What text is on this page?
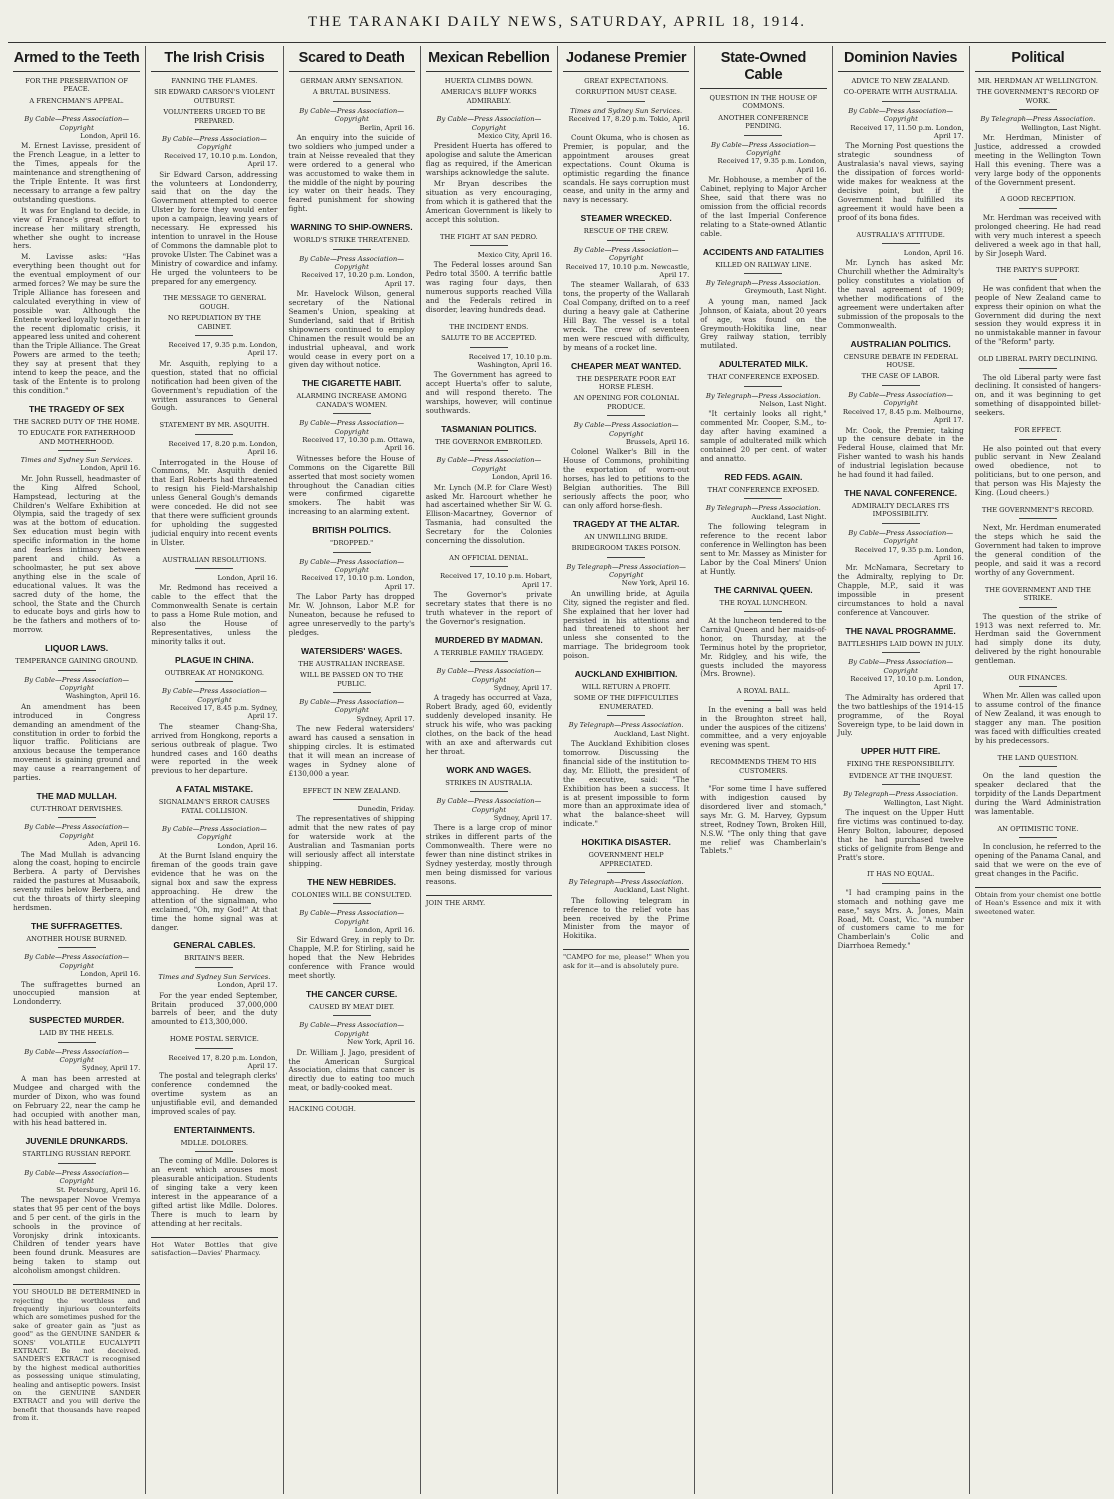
THE TARANAKI DAILY NEWS, SATURDAY, APRIL 18, 1914.
Armed to the Teeth
FOR THE PRESERVATION OF PEACE.
A FRENCHMAN'S APPEAL.
By Cable—Press Association—Copyright
London, April 16.

M. Ernest Lavisse, president of the French League, in a letter to the Times, appeals for the maintenance and strengthening of the Triple Entente. It was first necessary to arrange a few paltry outstanding questions.

It was for England to decide, in view of France's great effort to increase her military strength, whether she ought to increase hers.

M. Lavisse asks: "Has everything been thought out for the eventual employment of our armed forces? We may be sure the Triple Alliance has foreseen and calculated everything in view of possible war. Although the Entente worked loyally together in the recent diplomatic crisis, it appeared less united and coherent than the Triple Alliance. The Great Powers are armed to the teeth; they say at present that they intend to keep the peace, and the task of the Entente is to prolong this condition."

THE TRAGEDY OF SEX
THE SACRED DUTY OF THE HOME.
TO EDUCATE FOR FATHERHOOD AND MOTHERHOOD.
Times and Sydney Sun Services.
London, April 16.

Mr. John Russell, headmaster of the King Alfred School, Hampstead, lecturing at the Children's Welfare Exhibition at Olympia, said the tragedy of sex was at the bottom of education. Sex education must begin with specific information in the home and fearless intimacy between parent and child. As a schoolmaster, he put sex above anything else in the scale of educational values. It was the sacred duty of the home, the school, the State and the Church to educate boys and girls how to be the fathers and mothers of to-morrow.

LIQUOR LAWS.
TEMPERANCE GAINING GROUND.
By Cable—Press Association—Copyright
Washington, April 16.

An amendment has been introduced in Congress demanding an amendment of the constitution in order to forbid the liquor traffic. Politicians are anxious because the temperance movement is gaining ground and may cause a rearrangement of parties.

THE MAD MULLAH.
CUT-THROAT DERVISHES.
By Cable—Press Association—Copyright
Aden, April 16.

The Mad Mullah is advancing along the coast, hoping to encircle Berbera. A party of Dervishes raided the pastures at Musaaboik, seventy miles below Berbera, and cut the throats of thirty sleeping herdsmen.

THE SUFFRAGETTES.
ANOTHER HOUSE BURNED.
By Cable—Press Association—Copyright
London, April 16.

The suffragettes burned an unoccupied mansion at Londonderry.

SUSPECTED MURDER.
LAID BY THE HEELS.
By Cable—Press Association—Copyright
Sydney, April 17.

A man has been arrested at Mudgee and charged with the murder of Dixon, who was found on February 22, near the camp he had occupied with another man, with his head battered in.

JUVENILE DRUNKARDS.
STARTLING RUSSIAN REPORT.
By Cable—Press Association—Copyright
St. Petersburg, April 16.

The newspaper Novoe Vremya states that 95 per cent of the boys and 5 per cent. of the girls in the schools in the province of Voronjsky drink intoxicants. Children of tender years have been found drunk. Measures are being taken to stamp out alcoholism amongst children.

YOU SHOULD BE DETERMINED in rejecting the worthless and frequently injurious counterfeits which are sometimes pushed for the sake of greater gain as "just as good" as the GENUINE SANDER & SONS' VOLATILE EUCALYPTI EXTRACT. Be not deceived. SANDER'S EXTRACT is recognised by the highest medical authorities as possessing unique stimulating, healing and antiseptic powers. Insist on the GENUINE SANDER EXTRACT and you will derive the benefit that thousands have reaped from it.
The Irish Crisis
FANNING THE FLAMES.
SIR EDWARD CARSON'S VIOLENT OUTBURST.
VOLUNTEERS URGED TO BE PREPARED.
By Cable—Press Association—Copyright
Received 17, 10.10 p.m. London, April 17.

Sir Edward Carson, addressing the volunteers at Londonderry, said that on the day the Government attempted to coerce Ulster by force they would enter upon a campaign, leaving years of necessary. He expressed his intention to unravel in the House of Commons the damnable plot to provoke Ulster. The Cabinet was a Ministry of cowardice and infamy. He urged the volunteers to be prepared for any emergency.

THE MESSAGE TO GENERAL GOUGH.
NO REPUDIATION BY THE CABINET.
Received 17, 9.35 p.m. London, April 17.

Mr. Asquith, replying to a question, stated that no official notification had been given of the Government's repudiation of the written assurances to General Gough.

STATEMENT BY MR. ASQUITH.
Received 17, 8.20 p.m. London, April 16.

Interrogated in the House of Commons, Mr. Asquith denied that Earl Roberts had threatened to resign his Field-Marshalship unless General Gough's demands were conceded. He did not see that there were sufficient grounds for upholding the suggested judicial enquiry into recent events in Ulster.

AUSTRALIAN RESOLUTIONS.
London, April 16.

Mr. Redmond has received a cable to the effect that the Commonwealth Senate is certain to pass a Home Rule motion, and also the House of Representatives, unless the minority talks it out.

PLAGUE IN CHINA.
OUTBREAK AT HONGKONG.
By Cable—Press Association—Copyright
Received 17, 8.45 p.m. Sydney, April 17.

The steamer Chang-Sha, arrived from Hongkong, reports a serious outbreak of plague. Two hundred cases and 160 deaths were reported in the week previous to her departure.

A FATAL MISTAKE.
SIGNALMAN'S ERROR CAUSES FATAL COLLISION.
By Cable—Press Association—Copyright
London, April 16.

At the Burnt Island enquiry the fireman of the goods train gave evidence that he was on the signal box and saw the express approaching. He drew the attention of the signalman, who exclaimed, "Oh, my God!" At that time the home signal was at danger.

GENERAL CABLES.
BRITAIN'S BEER.
Times and Sydney Sun Services.
London, April 17.

For the year ended September, Britain produced 37,000,000 barrels of beer, and the duty amounted to £13,300,000.

HOME POSTAL SERVICE.
Received 17, 8.20 p.m. London, April 17.

The postal and telegraph clerks' conference condemned the overtime system as an unjustifiable evil, and demanded improved scales of pay.

ENTERTAINMENTS.
MDLLE. DOLORES.

The coming of Mdlle. Dolores is an event which arouses most pleasurable anticipation. Students of singing take a very keen interest in the appearance of a gifted artist like Mdlle. Dolores. There is much to learn by attending at her recitals.

Hot Water Bottles that give satisfaction—Davies' Pharmacy.
Scared to Death
GERMAN ARMY SENSATION.
A BRUTAL BUSINESS.
By Cable—Press Association—Copyright
Berlin, April 16.

An enquiry into the suicide of two soldiers who jumped under a train at Neisse revealed that they were ordered to a general who was accustomed to wake them in the middle of the night by pouring icy water on their heads. They feared punishment for showing fight.

WARNING TO SHIP-OWNERS.
WORLD'S STRIKE THREATENED.
By Cable—Press Association—Copyright
Received 17, 10.20 p.m. London, April 17.

Mr. Havelock Wilson, general secretary of the National Seamen's Union, speaking at Sunderland, said that if British shipowners continued to employ Chinamen the result would be an industrial upheaval, and work would cease in every port on a given day without notice.

THE CIGARETTE HABIT.
ALARMING INCREASE AMONG CANADA'S WOMEN.
By Cable—Press Association—Copyright
Received 17, 10.30 p.m. Ottawa, April 16.

Witnesses before the House of Commons on the Cigarette Bill asserted that most society women throughout the Canadian cities were confirmed cigarette smokers. The habit was increasing to an alarming extent.

BRITISH POLITICS.
"DROPPED."
By Cable—Press Association—Copyright
Received 17, 10.10 p.m. London, April 17.

The Labor Party has dropped Mr. W. Johnson, Labor M.P. for Nuneaton, because he refused to agree unreservedly to the party's pledges.

WATERSIDERS' WAGES.
THE AUSTRALIAN INCREASE.
WILL BE PASSED ON TO THE PUBLIC.
By Cable—Press Association—Copyright
Sydney, April 17.

The new Federal watersiders' award has caused a sensation in shipping circles. It is estimated that it will mean an increase of wages in Sydney alone of £130,000 a year.

EFFECT IN NEW ZEALAND.
Dunedin, Friday.

The representatives of shipping admit that the new rates of pay for waterside work at the Australian and Tasmanian ports will seriously affect all interstate shipping.

THE NEW HEBRIDES.
COLONIES WILL BE CONSULTED.
By Cable—Press Association—Copyright
London, April 16.

Sir Edward Grey, in reply to Dr. Chapple, M.P. for Stirling, said he hoped that the New Hebrides conference with France would meet shortly.

THE CANCER CURSE.
CAUSED BY MEAT DIET.
By Cable—Press Association—Copyright
New York, April 16.

Dr. William J. Jago, president of the American Surgical Association, claims that cancer is directly due to eating too much meat, or badly-cooked meat.

HACKING COUGH.
Mexican Rebellion
HUERTA CLIMBS DOWN.
AMERICA'S BLUFF WORKS ADMIRABLY.
By Cable—Press Association—Copyright
Mexico City, April 16.

President Huerta has offered to apologise and salute the American flag as required, if the American warships acknowledge the salute.

Mr Bryan describes the situation as very encouraging, from which it is gathered that the American Government is likely to accept this solution.

THE FIGHT AT SAN PEDRO.
Mexico City, April 16.

The Federal losses around San Pedro total 3500. A terrific battle was raging four days, then numerous supports reached Villa and the Federals retired in disorder, leaving hundreds dead.

THE INCIDENT ENDS.
SALUTE TO BE ACCEPTED.
Received 17, 10.10 p.m. Washington, April 16.

The Government has agreed to accept Huerta's offer to salute, and will respond thereto. The warships, however, will continue southwards.

TASMANIAN POLITICS.
THE GOVERNOR EMBROILED.
By Cable—Press Association—Copyright
London, April 16.

Mr. Lynch (M.P. for Clare West) asked Mr. Harcourt whether he had ascertained whether Sir W. G. Ellison-Macartney, Governor of Tasmania, had consulted the Secretary for the Colonies concerning the dissolution.

AN OFFICIAL DENIAL.
Received 17, 10.10 p.m. Hobart, April 17.

The Governor's private secretary states that there is no truth whatever in the report of the Governor's resignation.

MURDERED BY MADMAN.
A TERRIBLE FAMILY TRAGEDY.
By Cable—Press Association—Copyright
Sydney, April 17.

A tragedy has occurred at Vaza, Robert Brady, aged 60, evidently suddenly developed insanity. He struck his wife, who was packing clothes, on the back of the head with an axe and afterwards cut her throat.

WORK AND WAGES.
STRIKES IN AUSTRALIA.
By Cable—Press Association—Copyright
Sydney, April 17.

There is a large crop of minor strikes in different parts of the Commonwealth. There were no fewer than nine distinct strikes in Sydney yesterday, mostly through men being dismissed for various reasons.

JOIN THE ARMY.
Jodanese Premier
GREAT EXPECTATIONS.
CORRUPTION MUST CEASE.
Times and Sydney Sun Services.
Received 17, 8.20 p.m. Tokio, April 16.

Count Okuma, who is chosen as Premier, is popular, and the appointment arouses great expectations. Count Okuma is optimistic regarding the finance scandals. He says corruption must cease, and unity in the army and navy is necessary.

STEAMER WRECKED.
RESCUE OF THE CREW.
By Cable—Press Association—Copyright
Received 17, 10.10 p.m. Newcastle, April 17.

The steamer Wallarah, of 633 tons, the property of the Wallarah Coal Company, drifted on to a reef during a heavy gale at Catherine Hill Bay. The vessel is a total wreck. The crew of seventeen men were rescued with difficulty, by means of a rocket line.

CHEAPER MEAT WANTED.
THE DESPERATE POOR EAT HORSE FLESH.
AN OPENING FOR COLONIAL PRODUCE.
By Cable—Press Association—Copyright
Brussels, April 16.

Colonel Walker's Bill in the House of Commons, prohibiting the exportation of worn-out horses, has led to petitions to the Belgian authorities. The Bill seriously affects the poor, who can only afford horse-flesh.

TRAGEDY AT THE ALTAR.
AN UNWILLING BRIDE.
BRIDEGROOM TAKES POISON.
By Telegraph—Press Association—Copyright
New York, April 16.

An unwilling bride, at Aguila City, signed the register and fled. She explained that her lover had persisted in his attentions and had threatened to shoot her unless she consented to the marriage. The bridegroom took poison.

AUCKLAND EXHIBITION.
WILL RETURN A PROFIT.
SOME OF THE DIFFICULTIES ENUMERATED.
By Telegraph—Press Association.
Auckland, Last Night.

The Auckland Exhibition closes tomorrow. Discussing the financial side of the institution to-day, Mr. Elliott, the president of the executive, said: "The Exhibition has been a success. It is at present impossible to form more than an approximate idea of what the balance-sheet will indicate."

HOKITIKA DISASTER.
GOVERNMENT HELP APPRECIATED.
By Telegraph—Press Association.
Auckland, Last Night.

The following telegram in reference to the relief vote has been received by the Prime Minister from the mayor of Hokitika.

"CAMPO for me, please!" When you ask for it—and is absolutely pure.
State-Owned Cable
QUESTION IN THE HOUSE OF COMMONS.
ANOTHER CONFERENCE PENDING.
By Cable—Press Association—Copyright
Received 17, 9.35 p.m. London, April 16.

Mr. Hobhouse, a member of the Cabinet, replying to Major Archer Shee, said that there was no omission from the official records of the last Imperial Conference relating to a State-owned Atlantic cable.

ACCIDENTS AND FATALITIES
KILLED ON RAILWAY LINE.
By Telegraph—Press Association.
Greymouth, Last Night.

A young man, named Jack Johnson, of Kaiata, about 20 years of age, was found on the Greymouth-Hokitika line, near Grey railway station, terribly mutilated.

ADULTERATED MILK.
THAT CONFERENCE EXPOSED.
By Telegraph—Press Association.
Nelson, Last Night.

"It certainly looks all right," commented Mr. Cooper, S.M., to-day after having examined a sample of adulterated milk which contained 20 per cent. of water and annatto.

RED FEDS. AGAIN.
THAT CONFERENCE EXPOSED.
By Telegraph—Press Association.
Auckland, Last Night.

The following telegram in reference to the recent labor conference in Wellington has been sent to Mr. Massey as Minister for Labor by the Coal Miners' Union at Huntly.

THE CARNIVAL QUEEN.
THE ROYAL LUNCHEON.

At the luncheon tendered to the Carnival Queen and her maids-of-honor, on Thursday, at the Terminus hotel by the proprietor, Mr. Ridgley, and his wife, the guests included the mayoress (Mrs. Browne).

A ROYAL BALL.

In the evening a ball was held in the Broughton street hall, under the auspices of the citizens' committee, and a very enjoyable evening was spent.

RECOMMENDS THEM TO HIS CUSTOMERS.

"For some time I have suffered with indigestion caused by disordered liver and stomach," says Mr. G. M. Harvey, Gypsum street, Rodney Town, Broken Hill, N.S.W. "The only thing that gave me relief was Chamberlain's Tablets."

Dominion Navies
ADVICE TO NEW ZEALAND.
CO-OPERATE WITH AUSTRALIA.
By Cable—Press Association—Copyright
Received 17, 11.50 p.m. London, April 17.

The Morning Post questions the strategic soundness of Australasia's naval views, saying the dissipation of forces world-wide makes for weakness at the decisive point, but if the Government had fulfilled its agreement it would have been a proof of its bona fides.

AUSTRALIA'S ATTITUDE.
London, April 16.

Mr. Lynch has asked Mr. Churchill whether the Admiralty's policy constitutes a violation of the naval agreement of 1909; whether modifications of the agreement were undertaken after submission of the proposals to the Commonwealth.

AUSTRALIAN POLITICS.
CENSURE DEBATE IN FEDERAL HOUSE.
THE CASE OF LABOR.
By Cable—Press Association—Copyright
Received 17, 8.45 p.m. Melbourne, April 17.

Mr. Cook, the Premier, taking up the censure debate in the Federal House, claimed that Mr. Fisher wanted to wash his hands of industrial legislation because he had found it had failed.

THE NAVAL CONFERENCE.
ADMIRALTY DECLARES ITS IMPOSSIBILITY.
By Cable—Press Association—Copyright
Received 17, 9.35 p.m. London, April 16.

Mr. McNamara, Secretary to the Admiralty, replying to Dr. Chapple, M.P., said it was impossible in present circumstances to hold a naval conference at Vancouver.

THE NAVAL PROGRAMME.
BATTLESHIPS LAID DOWN IN JULY.
By Cable—Press Association—Copyright
Received 17, 10.10 p.m. London, April 17.

The Admiralty has ordered that the two battleships of the 1914-15 programme, of the Royal Sovereign type, to be laid down in July.

UPPER HUTT FIRE.
FIXING THE RESPONSIBILITY.
EVIDENCE AT THE INQUEST.
By Telegraph—Press Association.
Wellington, Last Night.

The inquest on the Upper Hutt fire victims was continued to-day. Henry Bolton, labourer, deposed that he had purchased twelve sticks of gelignite from Benge and Pratt's store.

IT HAS NO EQUAL.

"I had cramping pains in the stomach and nothing gave me ease," says Mrs. A. Jones, Main Road, Mt. Coast, Vic. "A number of customers came to me for Chamberlain's Colic and Diarrhoea Remedy."

Political
MR. HERDMAN AT WELLINGTON.
THE GOVERNMENT'S RECORD OF WORK.
By Telegraph—Press Association.
Wellington, Last Night.

Mr. Herdman, Minister of Justice, addressed a crowded meeting in the Wellington Town Hall this evening. There was a very large body of the opponents of the Government present.

A GOOD RECEPTION.

Mr. Herdman was received with prolonged cheering. He had read with very much interest a speech delivered a week ago in that hall, by Sir Joseph Ward.

THE PARTY'S SUPPORT.

He was confident that when the people of New Zealand came to express their opinion on what the Government did during the next session they would express it in no unmistakable manner in favour of the "Reform" party.

OLD LIBERAL PARTY DECLINING.

The old Liberal party were fast declining. It consisted of hangers-on, and it was beginning to get something of disappointed billet-seekers.

FOR EFFECT.

He also pointed out that every public servant in New Zealand owed obedience, not to politicians, but to one person, and that person was His Majesty the King. (Loud cheers.)

THE GOVERNMENT'S RECORD.

Next, Mr. Herdman enumerated the steps which he said the Government had taken to improve the general condition of the people, and said it was a record worthy of any Government.

THE GOVERNMENT AND THE STRIKE.

The question of the strike of 1913 was next referred to. Mr. Herdman said the Government had simply done its duty, delivered by the right honourable gentleman.

OUR FINANCES.

When Mr. Allen was called upon to assume control of the finance of New Zealand, it was enough to stagger any man. The position was faced with difficulties created by his predecessors.

THE LAND QUESTION.

On the land question the speaker declared that the torpidity of the Lands Department during the Ward Administration was lamentable.

AN OPTIMISTIC TONE.

In conclusion, he referred to the opening of the Panama Canal, and said that we were on the eve of great changes in the Pacific.

Obtain from your chemist one bottle of Hean's Essence and mix it with sweetened water.
